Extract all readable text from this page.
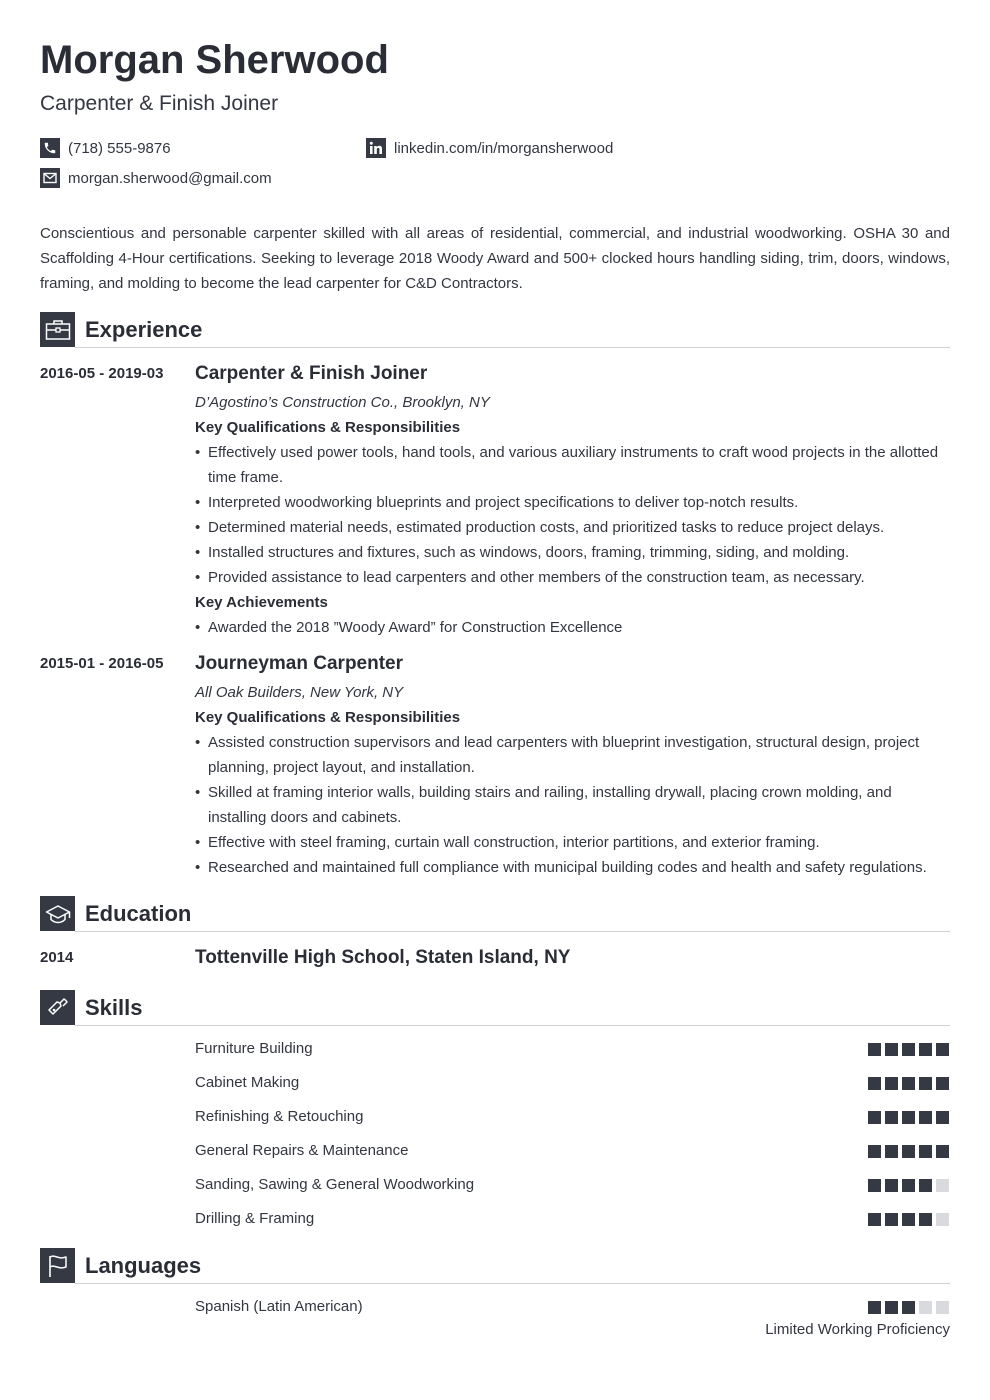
Morgan Sherwood
Carpenter & Finish Joiner
(718) 555-9876
morgan.sherwood@gmail.com
linkedin.com/in/morgansherwood

Conscientious and personable carpenter skilled with all areas of residential, commercial, and industrial woodworking. OSHA 30 and Scaffolding 4-Hour certifications. Seeking to leverage 2018 Woody Award and 500+ clocked hours handling siding, trim, doors, windows, framing, and molding to become the lead carpenter for C&D Contractors.

Experience
2016-05 - 2019-03 Carpenter & Finish Joiner
D’Agostino’s Construction Co., Brooklyn, NY
Key Qualifications & Responsibilities
• Effectively used power tools, hand tools, and various auxiliary instruments to craft wood projects in the allotted time frame.
• Interpreted woodworking blueprints and project specifications to deliver top-notch results.
• Determined material needs, estimated production costs, and prioritized tasks to reduce project delays.
• Installed structures and fixtures, such as windows, doors, framing, trimming, siding, and molding.
• Provided assistance to lead carpenters and other members of the construction team, as necessary.
Key Achievements
• Awarded the 2018 ”Woody Award” for Construction Excellence
2015-01 - 2016-05 Journeyman Carpenter
All Oak Builders, New York, NY
Key Qualifications & Responsibilities
• Assisted construction supervisors and lead carpenters with blueprint investigation, structural design, project planning, project layout, and installation.
• Skilled at framing interior walls, building stairs and railing, installing drywall, placing crown molding, and installing doors and cabinets.
• Effective with steel framing, curtain wall construction, interior partitions, and exterior framing.
• Researched and maintained full compliance with municipal building codes and health and safety regulations.
Education
2014	Tottenville High School, Staten Island, NY
Skills
Furniture Building
Cabinet Making
Refinishing & Retouching
General Repairs & Maintenance
Sanding, Sawing & General Woodworking
Drilling & Framing
Languages
Spanish (Latin American)
Limited Working Proficiency
